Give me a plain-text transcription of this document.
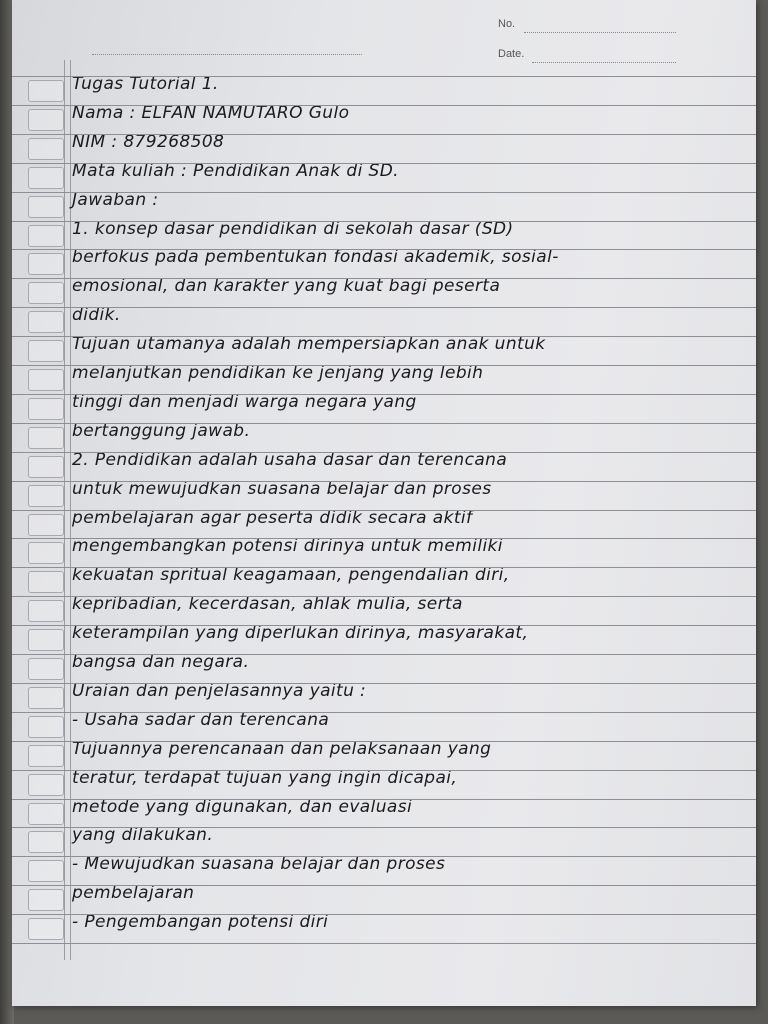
No.
Date.
Tugas Tutorial 1.
Nama : ELFAN NAMUTARO Gulo
NIM : 879268508
Mata kuliah : Pendidikan Anak di SD.
Jawaban :
1. konsep dasar pendidikan di sekolah dasar (SD)
berfokus pada pembentukan fondasi akademik, sosial-
emosional, dan karakter yang kuat bagi peserta
didik.
Tujuan utamanya adalah mempersiapkan anak untuk
melanjutkan pendidikan ke jenjang yang lebih
tinggi dan menjadi warga negara yang
bertanggung jawab.
2. Pendidikan adalah usaha dasar dan terencana
untuk mewujudkan suasana belajar dan proses
pembelajaran agar peserta didik secara aktif
mengembangkan potensi dirinya untuk memiliki
kekuatan spritual keagamaan, pengendalian diri,
kepribadian, kecerdasan, ahlak mulia, serta
keterampilan yang diperlukan dirinya, masyarakat,
bangsa dan negara.
Uraian dan penjelasannya yaitu :
- Usaha sadar dan terencana
Tujuannya perencanaan dan pelaksanaan yang
teratur, terdapat tujuan yang ingin dicapai,
metode yang digunakan, dan evaluasi
yang dilakukan.
- Mewujudkan suasana belajar dan proses
pembelajaran
- Pengembangan potensi diri
